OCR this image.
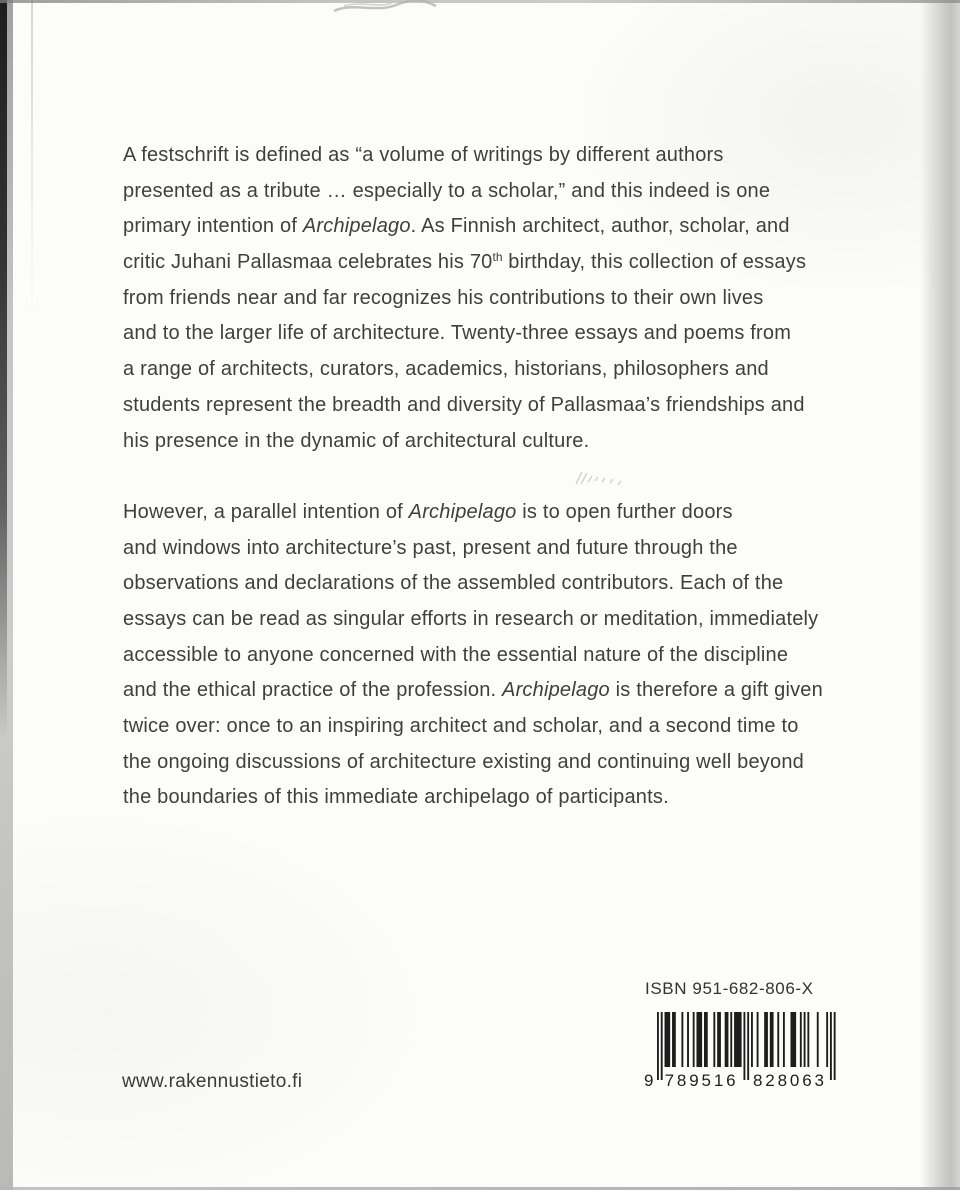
A festschrift is defined as “a volume of writings by different authors
presented as a tribute … especially to a scholar,” and this indeed is one
primary intention of Archipelago. As Finnish architect, author, scholar, and
critic Juhani Pallasmaa celebrates his 70th birthday, this collection of essays
from friends near and far recognizes his contributions to their own lives
and to the larger life of architecture. Twenty-three essays and poems from
a range of architects, curators, academics, historians, philosophers and
students represent the breadth and diversity of Pallasmaa’s friendships and
his presence in the dynamic of architectural culture.
However, a parallel intention of Archipelago is to open further doors
and windows into architecture’s past, present and future through the
observations and declarations of the assembled contributors. Each of the
essays can be read as singular efforts in research or meditation, immediately
accessible to anyone concerned with the essential nature of the discipline
and the ethical practice of the profession. Archipelago is therefore a gift given
twice over: once to an inspiring architect and scholar, and a second time to
the ongoing discussions of architecture existing and continuing well beyond
the boundaries of this immediate archipelago of participants.
ISBN 951-682-806-X
9 789516 828063
www.rakennustieto.fi
